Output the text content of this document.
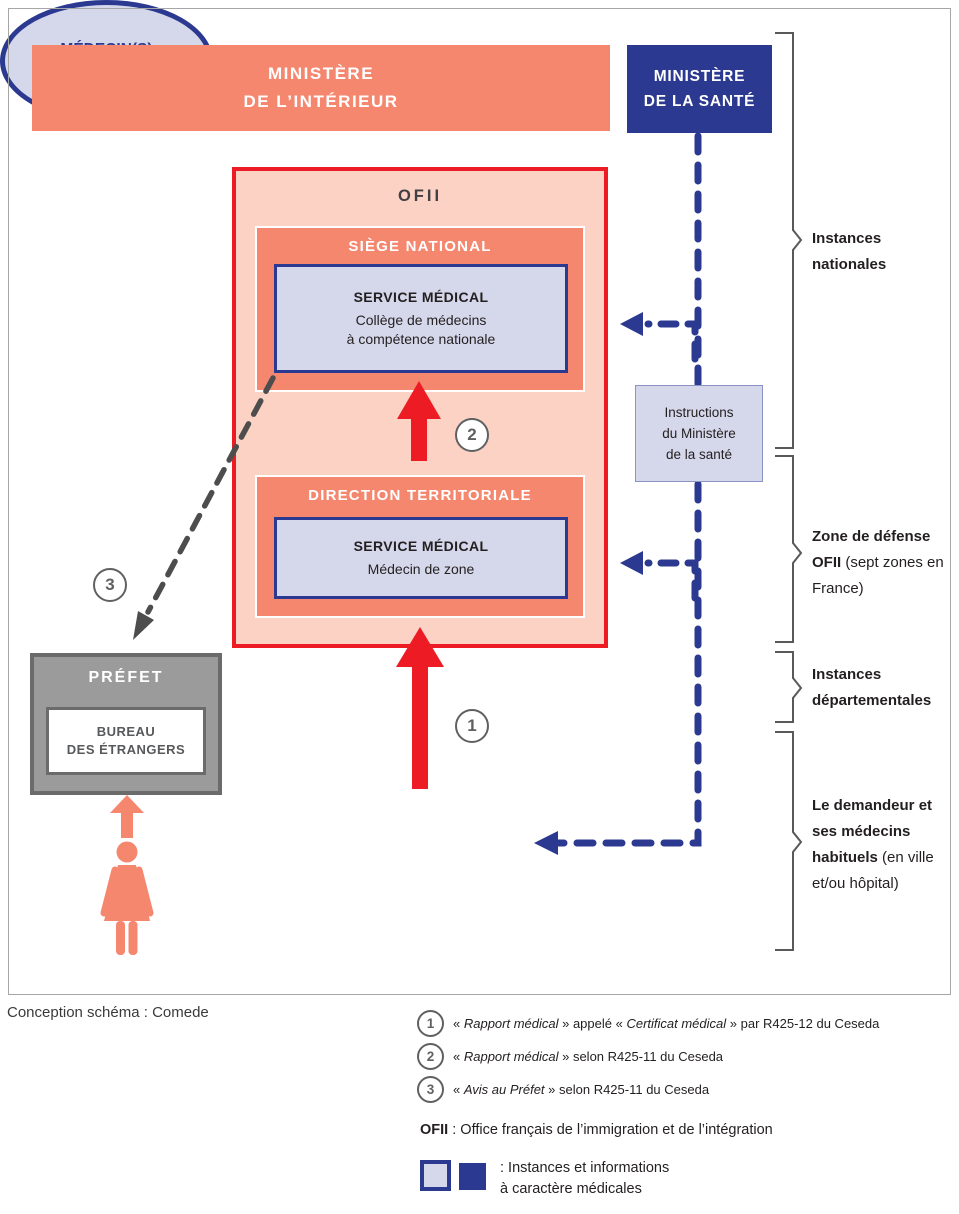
MINISTÈRE
DE L’INTÉRIEUR
MINISTÈRE
DE LA SANTÉ
OFII
SIÈGE NATIONAL
SERVICE MÉDICAL
Collège de médecins
à compétence nationale
DIRECTION TERRITORIALE
SERVICE MÉDICAL
Médecin de zone
PRÉFET
BUREAU
DES ÉTRANGERS
Instructions
du Ministère
de la santé
Instances
nationales
Zone de défense OFII (sept zones en France)
Instances
départementales
Le demandeur et ses médecins habituels (en ville et/ou hôpital)
1
2
3
Conception schéma : Comede
1 « Rapport médical » appelé « Certificat médical » par R425-12 du Ceseda
2 « Rapport médical » selon R425-11 du Ceseda
3 « Avis au Préfet » selon R425-11 du Ceseda
OFII : Office français de l’immigration et de l’intégration
: Instances et informations
à caractère médicales
